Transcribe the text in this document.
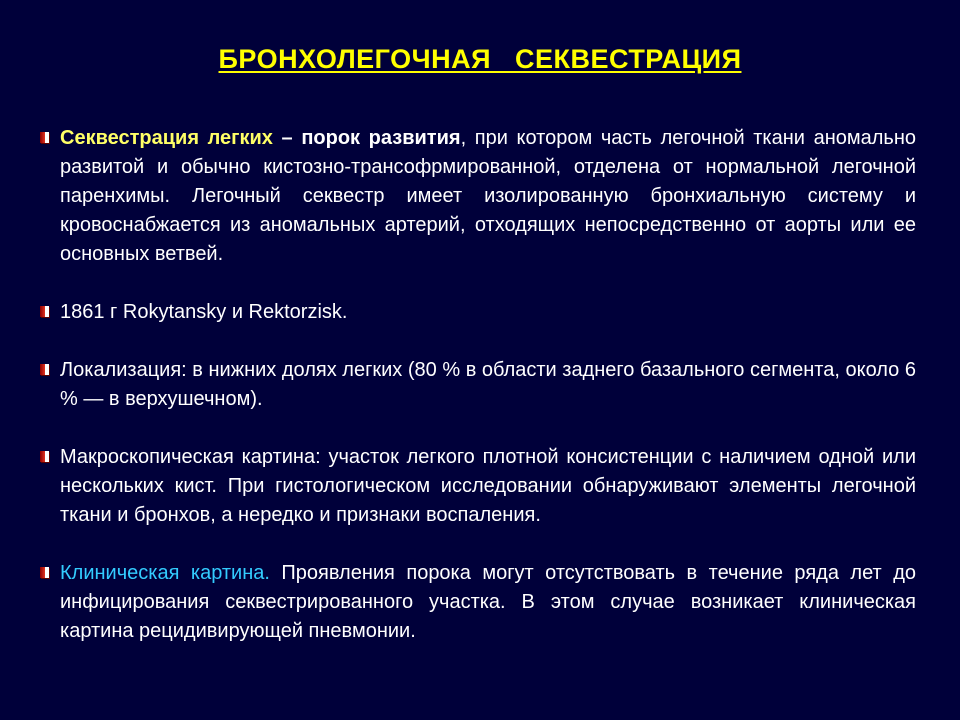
БРОНХОЛЕГОЧНАЯ   СЕКВЕСТРАЦИЯ
Секвестрация легких – порок развития, при котором часть легочной ткани аномально развитой и обычно кистозно-трансофрмированной, отделена от нормальной легочной паренхимы. Легочный секвестр имеет изолированную бронхиальную систему и кровоснабжается из аномальных артерий, отходящих непосредственно от аорты или ее основных ветвей.
1861 г Rokytansky и Rektorzisk.
Локализация: в нижних долях легких (80 % в области заднего базального сегмента, около 6 % — в верхушечном).
Макроскопическая картина: участок легкого плотной консистенции с наличием одной или нескольких кист. При гистологическом исследовании обнаруживают элементы легочной ткани и бронхов, а нередко и признаки воспаления.
Клиническая картина. Проявления порока могут отсутствовать в течение ряда лет до инфицирования секвестрированного участка. В этом случае возникает клиническая картина рецидивирующей пневмонии.
